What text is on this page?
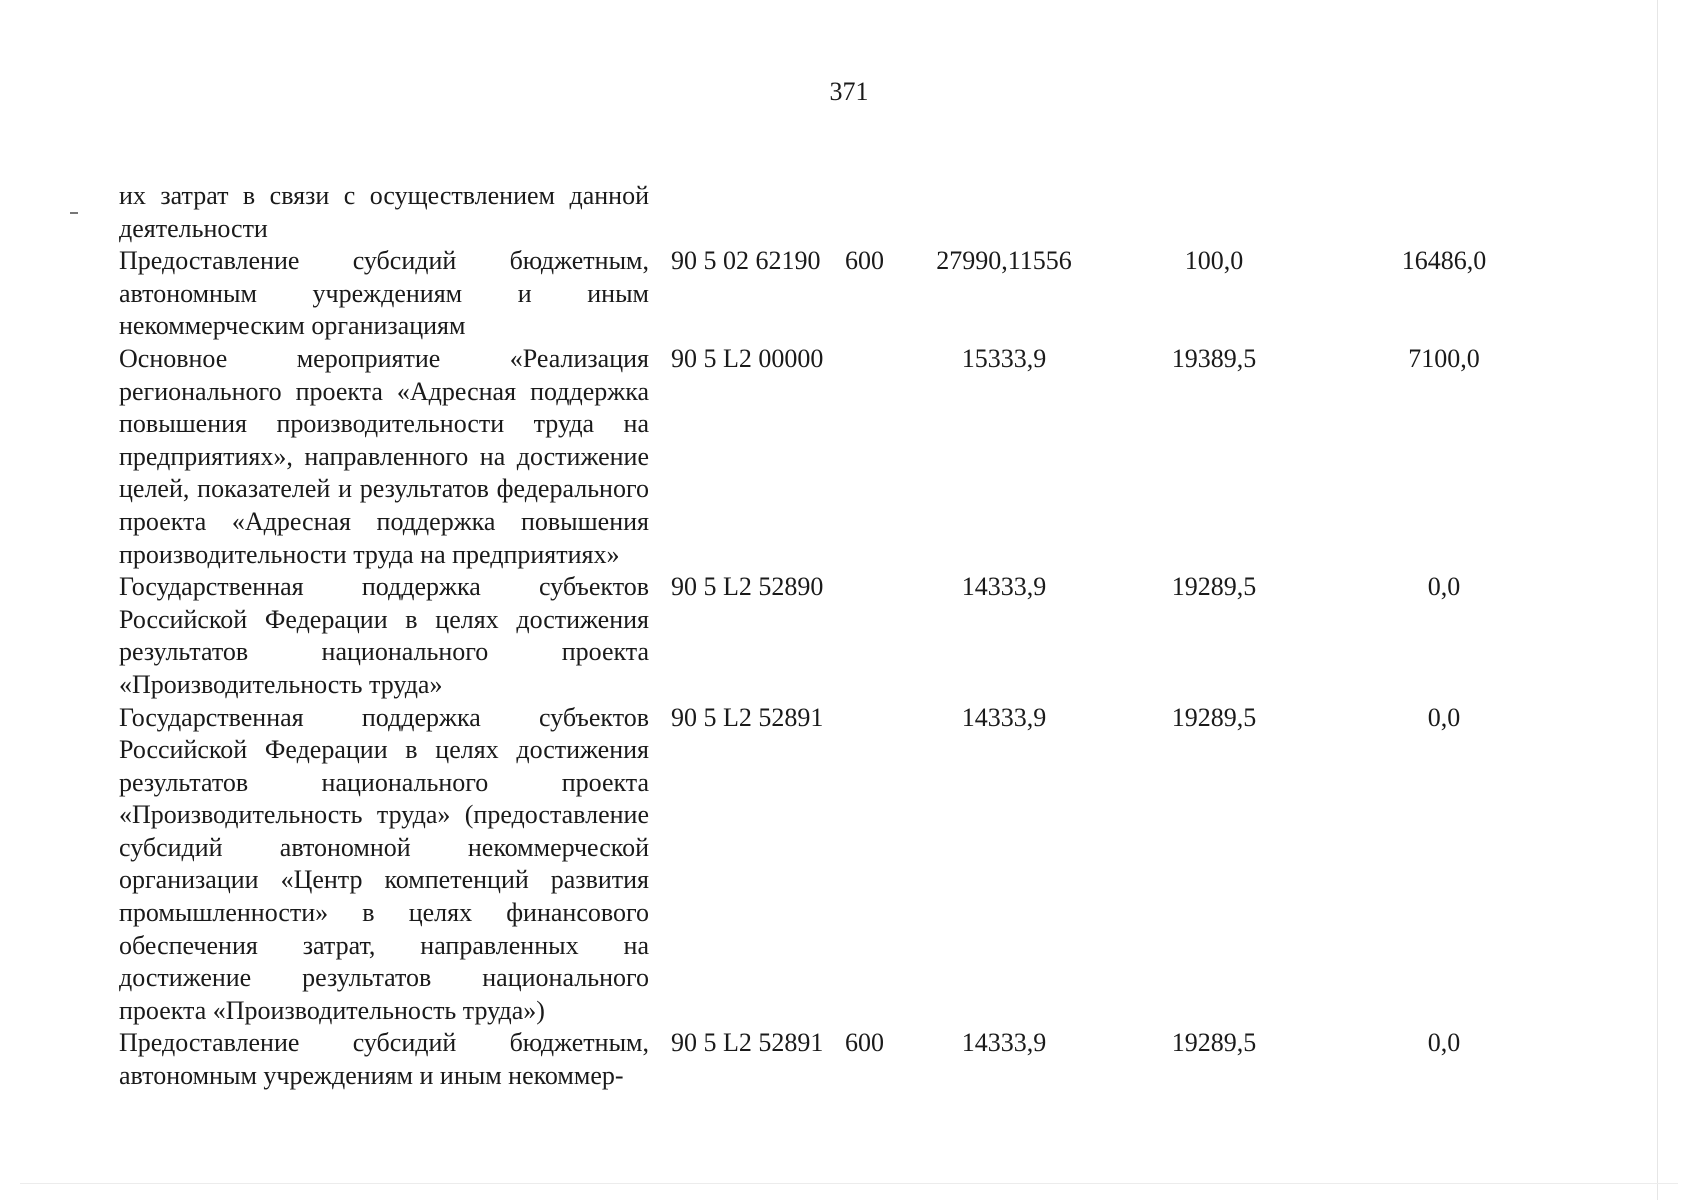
371
их затрат в связи с осуществлением данной деятельности
Предоставление субсидий бюджетным, автономным учреждениям и иным некоммерческим организациям
90 5 02 62190 600	27990,11556	100,0	16486,0
Основное мероприятие «Реализация регионального проекта «Адресная поддержка повышения производительности труда на предприятиях», направленного на достижение целей, показателей и результатов федерального проекта «Адресная поддержка повышения производительности труда на предприятиях»
90 5 L2 00000	15333,9	19389,5	7100,0
Государственная поддержка субъектов Российской Федерации в целях достижения результатов национального проекта «Производительность труда»
90 5 L2 52890	14333,9	19289,5	0,0
Государственная поддержка субъектов Российской Федерации в целях достижения результатов национального проекта «Производительность труда» (предоставление субсидий автономной некоммерческой организации «Центр компетенций развития промышленности» в целях финансового обеспечения затрат, направленных на достижение результатов национального проекта «Производительность труда»)
90 5 L2 52891	14333,9	19289,5	0,0
Предоставление субсидий бюджетным, автономным учреждениям и иным некоммер-
90 5 L2 52891 600	14333,9	19289,5	0,0
